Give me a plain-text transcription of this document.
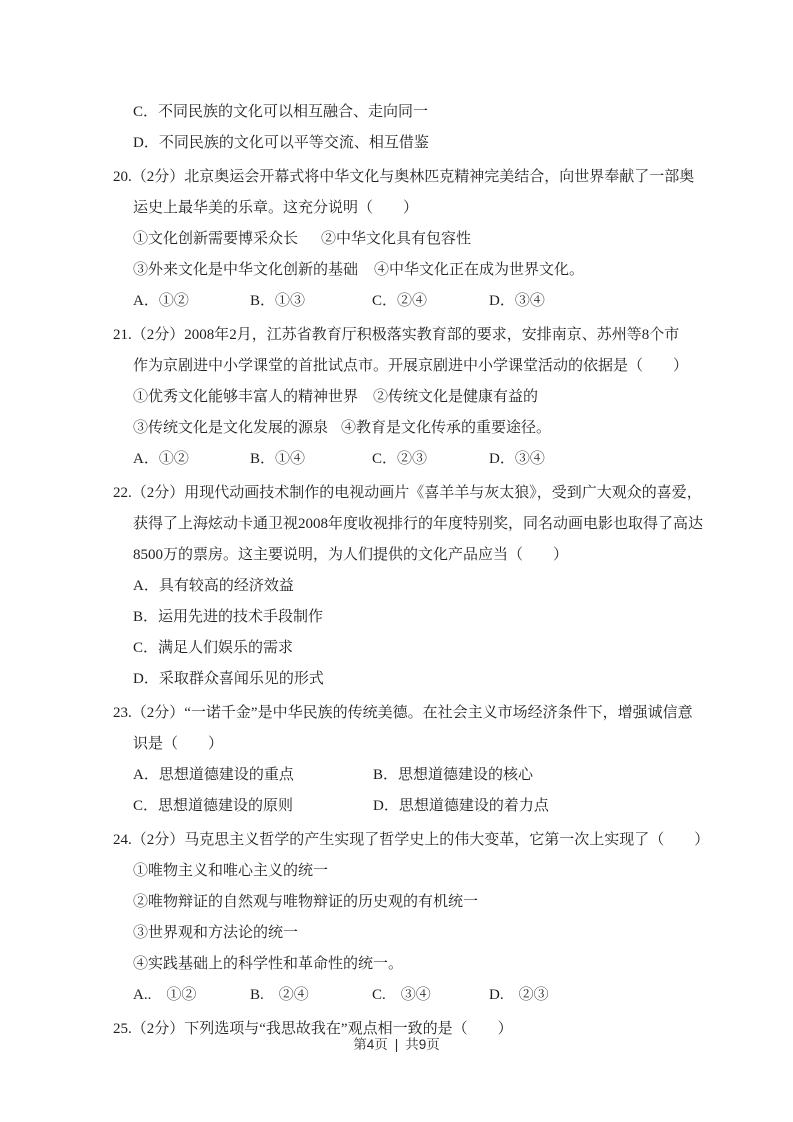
C．不同民族的文化可以相互融合、走向同一
D．不同民族的文化可以平等交流、相互借鉴
20.（2分）北京奥运会开幕式将中华文化与奥林匹克精神完美结合，向世界奉献了一部奥
运史上最华美的乐章。这充分说明（　　）
①文化创新需要博采众长	②中华文化具有包容性
③外来文化是中华文化创新的基础	④中华文化正在成为世界文化。
A．①②	B．①③	C．②④	D．③④
21.（2分）2008年2月，江苏省教育厅积极落实教育部的要求，安排南京、苏州等8个市
作为京剧进中小学课堂的首批试点市。开展京剧进中小学课堂活动的依据是（　　）
①优秀文化能够丰富人的精神世界 ②传统文化是健康有益的
③传统文化是文化发展的源泉 ④教育是文化传承的重要途径。
A．①②	B．①④	C．②③	D．③④
22.（2分）用现代动画技术制作的电视动画片《喜羊羊与灰太狼》，受到广大观众的喜爱，
获得了上海炫动卡通卫视2008年度收视排行的年度特别奖，同名动画电影也取得了高达
8500万的票房。这主要说明，为人们提供的文化产品应当（　　）
A．具有较高的经济效益
B．运用先进的技术手段制作
C．满足人们娱乐的需求
D．采取群众喜闻乐见的形式
23.（2分）“一诺千金”是中华民族的传统美德。在社会主义市场经济条件下，增强诚信意
识是（　　）
A．思想道德建设的重点	B．思想道德建设的核心
C．思想道德建设的原则	D．思想道德建设的着力点
24.（2分）马克思主义哲学的产生实现了哲学史上的伟大变革，它第一次上实现了（　　）
①唯物主义和唯心主义的统一
②唯物辩证的自然观与唯物辩证的历史观的有机统一
③世界观和方法论的统一
④实践基础上的科学性和革命性的统一。
A..　①②	B.　②④	C.　③④	D.　②③
25.（2分）下列选项与“我思故我在”观点相一致的是（　　）
第4页 | 共9页
